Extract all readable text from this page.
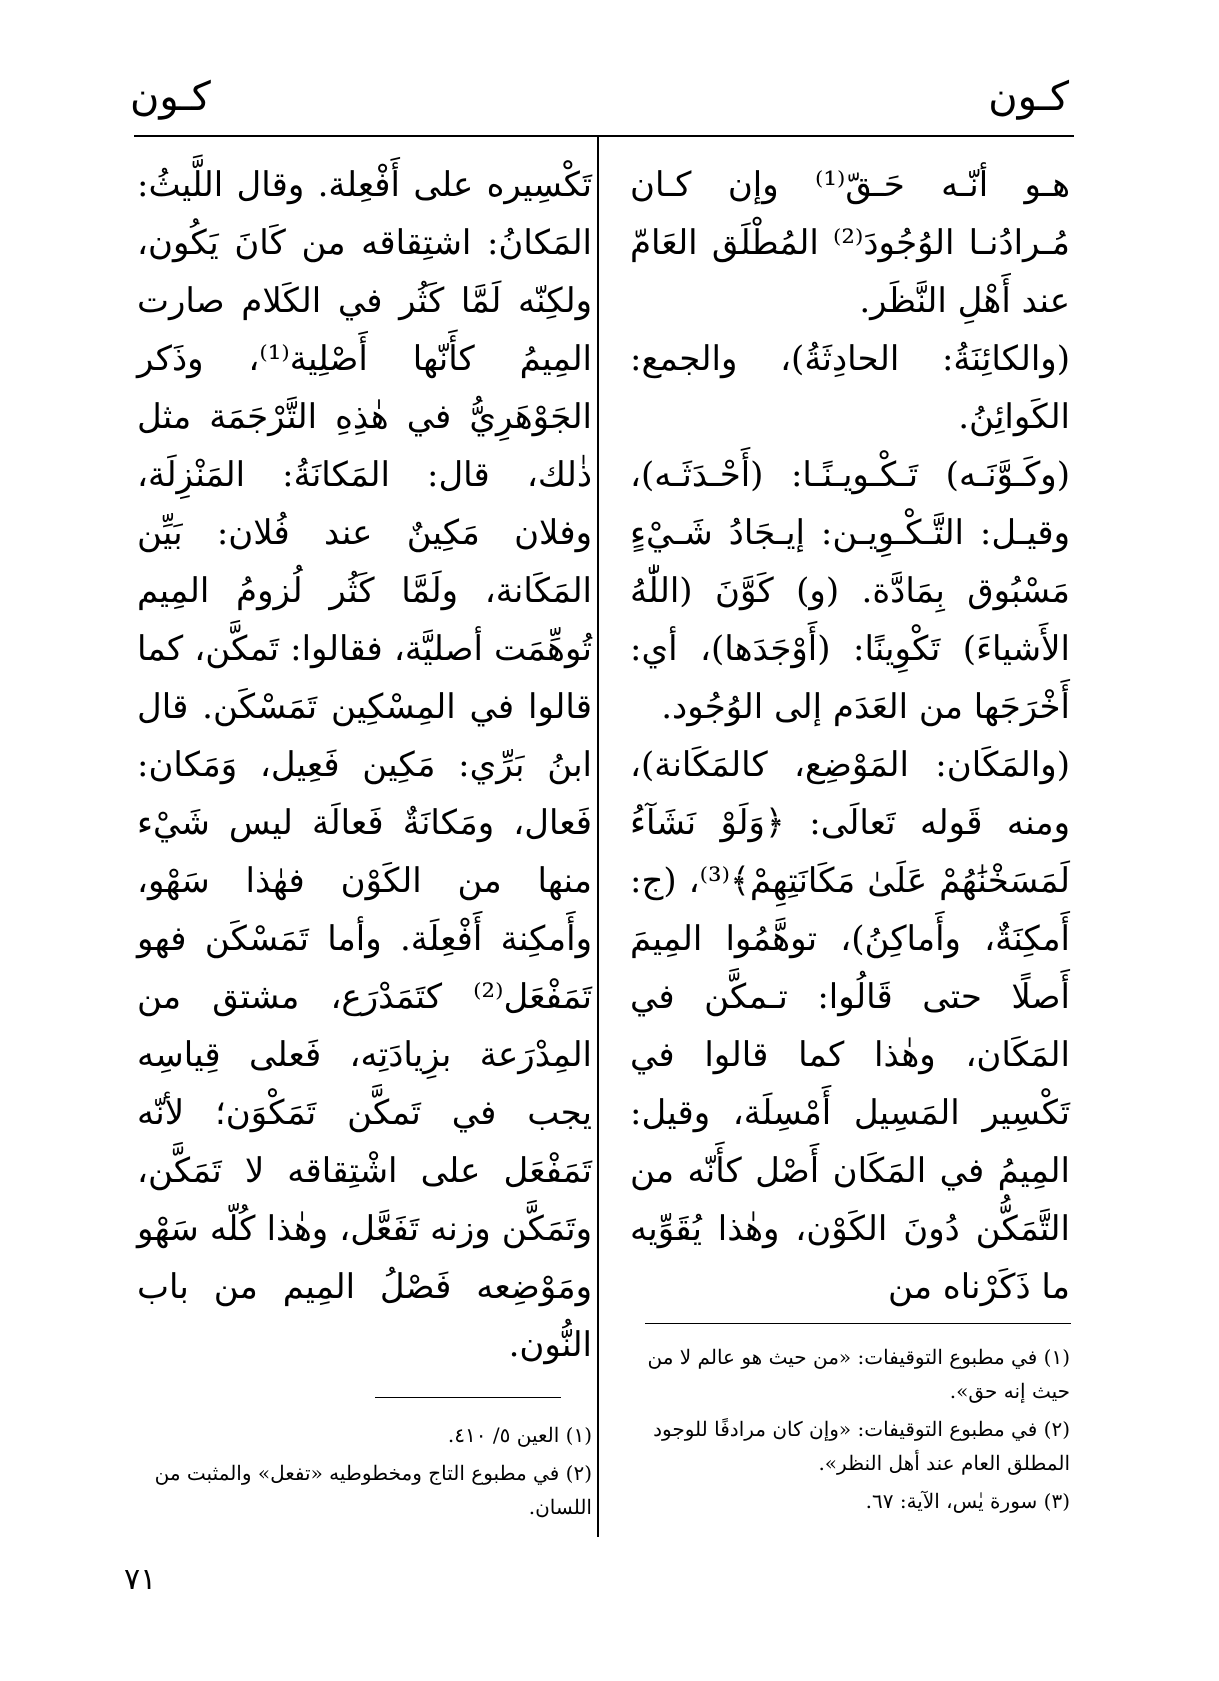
كـون
كـون

هـو أنّـه حَـقّ⁽¹⁾ وإن كـان مُـرادُنـا الوُجُودَ⁽²⁾ المُطْلَق العَامّ عند أَهْلِ النَّظَر.

(والكائِنَةُ: الحادِثَةُ)، والجمع: الكَوائِنُ.

(وكَـوَّنَـه) تَـكْـويـنًـا: (أَحْـدَثَـه)، وقيـل: التَّـكْـوِيـن: إيـجَادُ شَـيْءٍ مَسْبُوق بِمَادَّة. (و) كَوَّنَ (اللّٰهُ الأَشياءَ) تَكْوِينًا: (أَوْجَدَها)، أي: أَخْرَجَها من العَدَم إلى الوُجُود.

(والمَكَان: المَوْضِع، كالمَكَانة)، ومنه قَوله تَعالَى: ﴿وَلَوْ نَشَآءُ لَمَسَخْنَٰهُمْ عَلَىٰ مَكَانَتِهِمْ﴾⁽³⁾، (ج: أَمكِنَةٌ، وأَماكِنُ)، توهَّمُوا المِيمَ أَصلًا حتى قَالُوا: تـمكَّن في المَكَان، وهٰذا كما قالوا في تَكْسِير المَسِيل أَمْسِلَة، وقيل: المِيمُ في المَكَان أَصْل كأَنّه من التَّمَكُّن دُونَ الكَوْن، وهٰذا يُقَوِّيه ما ذَكَرْناه من

تَكْسِيره على أَفْعِلة. وقال اللَّيثُ: المَكانُ: اشتِقاقه من كَانَ يَكُون، ولكِنّه لَمَّا كَثُر في الكَلام صارت المِيمُ كأَنّها أَصْلِية⁽¹⁾، وذَكر الجَوْهَرِيُّ في هٰذِهِ التَّرْجَمَة مثل ذٰلك، قال: المَكانَةُ: المَنْزِلَة، وفلان مَكِينٌ عند فُلان: بَيِّن المَكَانة، ولَمَّا كَثُر لُزومُ المِيم تُوهِّمَت أصليَّة، فقالوا: تَمكَّن، كما قالوا في المِسْكِين تَمَسْكَن. قال ابنُ بَرِّي: مَكِين فَعِيل، وَمَكان: فَعال، ومَكانَةٌ فَعالَة ليس شَيْء منها من الكَوْن فهٰذا سَهْو، وأَمكِنة أَفْعِلَة. وأما تَمَسْكَن فهو تَمَفْعَل⁽²⁾ كتَمَدْرَع، مشتق من المِدْرَعة بزِيادَتِه، فَعلى قِياسِه يجب في تَمكَّن تَمَكْوَن؛ لأنّه تَمَفْعَل على اشْتِقاقه لا تَمَكَّن، وتَمَكَّن وزنه تَفَعَّل، وهٰذا كُلّه سَهْو ومَوْضِعه فَصْلُ المِيم من باب النُّون.	(١) في مطبوع التوقيفات: «من حيث هو عالم لا من حيث إنه حق».

(٢) في مطبوع التوقيفات: «وإن كان مرادفًا للوجود المطلق العام عند أهل النظر».

(٣) سورة يٰس، الآية: ٦٧.

(١) العين ٥/ ٤١٠.

(٢) في مطبوع التاج ومخطوطيه «تفعل» والمثبت من اللسان.

٧١
